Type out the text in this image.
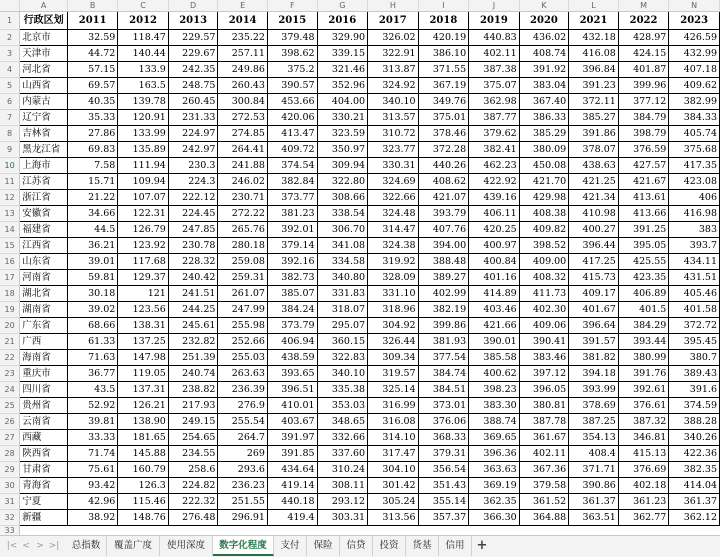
	A	B	C	D	E	F	G	H	I	J	K	L	M	N
1	行政区划	2011	2012	2013	2014	2015	2016	2017	2018	2019	2020	2021	2022	2023
2	北京市	32.59	118.47	229.57	235.22	379.48	329.90	326.02	420.19	440.83	436.02	432.18	428.97	426.59
3	天津市	44.72	140.44	229.67	257.11	398.62	339.15	322.91	386.10	402.11	408.74	416.08	424.15	432.99
4	河北省	57.15	133.9	242.35	249.86	375.2	321.46	313.87	371.55	387.38	391.92	396.84	401.87	407.18
5	山西省	69.57	163.5	248.75	260.43	390.57	352.96	324.92	367.19	375.07	383.04	391.23	399.96	409.62
6	内蒙古	40.35	139.78	260.45	300.84	453.66	404.00	340.10	349.76	362.98	367.40	372.11	377.12	382.99
7	辽宁省	35.33	120.91	231.33	272.53	420.06	330.21	313.57	375.01	387.77	386.33	385.27	384.79	384.33
8	吉林省	27.86	133.99	224.97	274.85	413.47	323.59	310.72	378.46	379.62	385.29	391.86	398.79	405.74
9	黑龙江省	69.83	135.89	242.97	264.41	409.72	350.97	323.77	372.28	382.41	380.09	378.07	376.59	375.68
10	上海市	7.58	111.94	230.3	241.88	374.54	309.94	330.31	440.26	462.23	450.08	438.63	427.57	417.35
11	江苏省	15.71	109.94	224.3	246.02	382.84	322.80	324.69	408.62	422.92	421.70	421.25	421.67	423.08
12	浙江省	21.22	107.07	222.12	230.71	373.77	308.66	322.66	421.07	439.16	429.98	421.34	413.61	406
13	安徽省	34.66	122.31	224.45	272.22	381.23	338.54	324.48	393.79	406.11	408.38	410.98	413.66	416.98
14	福建省	44.5	126.79	247.85	265.76	392.01	306.70	314.47	407.76	420.25	409.82	400.27	391.25	383
15	江西省	36.21	123.92	230.78	280.18	379.14	341.08	324.38	394.00	400.97	398.52	396.44	395.05	393.7
16	山东省	39.01	117.68	228.32	259.08	392.16	334.58	319.92	388.48	400.84	409.00	417.25	425.55	434.11
17	河南省	59.81	129.37	240.42	259.31	382.73	340.80	328.09	389.27	401.16	408.32	415.73	423.35	431.51
18	湖北省	30.18	121	241.51	261.07	385.07	331.83	331.10	402.99	414.89	411.73	409.17	406.89	405.46
19	湖南省	39.02	123.56	244.25	247.99	384.24	318.07	318.96	382.19	403.46	402.30	401.67	401.5	401.58
20	广东省	68.66	138.31	245.61	255.98	373.79	295.07	304.92	399.86	421.66	409.06	396.64	384.29	372.72
21	广西	61.33	137.25	232.82	252.66	406.94	360.15	326.44	381.93	390.01	390.41	391.57	393.44	395.45
22	海南省	71.63	147.98	251.39	255.03	438.59	322.83	309.34	377.54	385.58	383.46	381.82	380.99	380.7
23	重庆市	36.77	119.05	240.74	263.63	393.65	340.10	319.57	384.74	400.62	397.12	394.18	391.76	389.43
24	四川省	43.5	137.31	238.82	236.39	396.51	335.38	325.14	384.51	398.23	396.05	393.99	392.61	391.6
25	贵州省	52.92	126.21	217.93	276.9	410.01	353.03	316.99	373.01	383.30	380.81	378.69	376.61	374.59
26	云南省	39.81	138.90	249.15	255.54	403.67	348.65	316.08	376.06	388.74	387.78	387.25	387.32	388.28
27	西藏	33.33	181.65	254.65	264.7	391.97	332.66	314.10	368.33	369.65	361.67	354.13	346.81	340.26
28	陕西省	71.74	145.88	234.55	269	391.85	337.60	317.47	379.31	396.36	402.11	408.4	415.13	422.36
29	甘肃省	75.61	160.79	258.6	293.6	434.64	310.24	304.10	356.54	363.63	367.36	371.71	376.69	382.35
30	青海省	93.42	126.3	224.82	236.23	419.14	308.11	301.42	351.43	369.19	379.58	390.86	402.18	414.04
31	宁夏	42.96	115.46	222.32	251.55	440.18	293.12	305.24	355.14	362.35	361.52	361.37	361.23	361.37
32	新疆	38.92	148.76	276.48	296.91	419.4	303.31	313.56	357.37	366.30	364.88	363.51	362.77	362.12
33														
|< < > >|	总指数	覆盖广度	使用深度	数字化程度	支付	保险	信贷	投资	货基	信用 +
